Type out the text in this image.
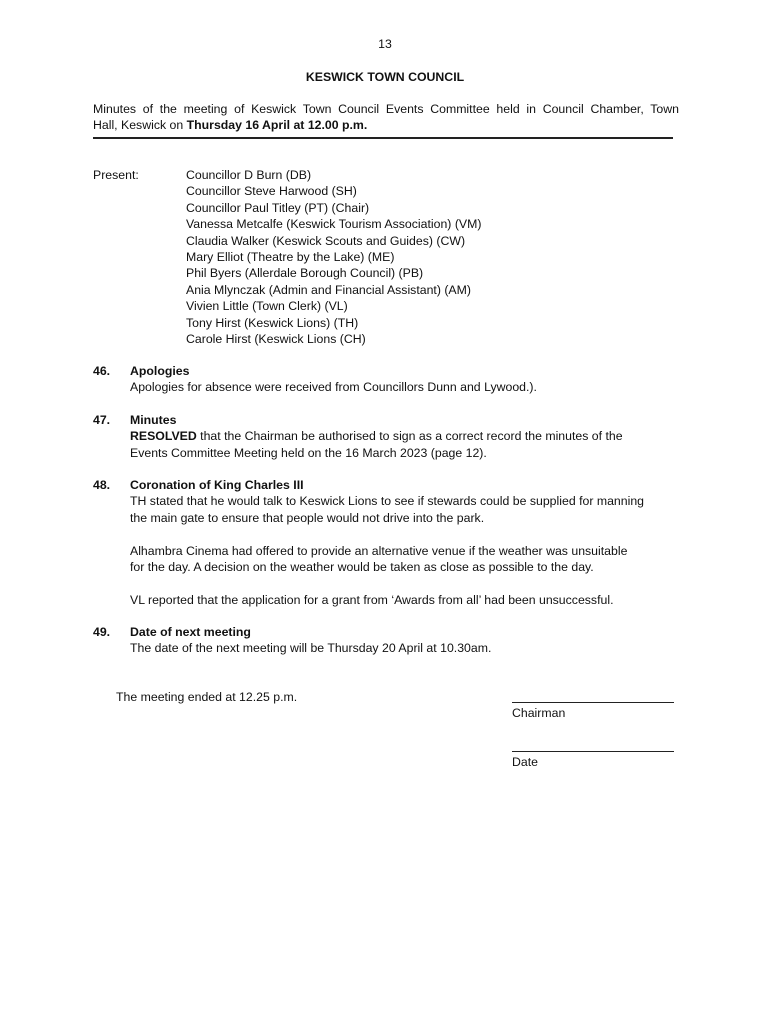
13
KESWICK TOWN COUNCIL
Minutes of the meeting of Keswick Town Council Events Committee held in Council Chamber, Town
Hall, Keswick on Thursday 16 April at 12.00 p.m.
Present:	Councillor D Burn (DB)
Councillor Steve Harwood (SH)
Councillor Paul Titley (PT) (Chair)
Vanessa Metcalfe (Keswick Tourism Association) (VM)
Claudia Walker (Keswick Scouts and Guides) (CW)
Mary Elliot (Theatre by the Lake) (ME)
Phil Byers (Allerdale Borough Council) (PB)
Ania Mlynczak (Admin and Financial Assistant) (AM)
Vivien Little (Town Clerk) (VL)
Tony Hirst (Keswick Lions) (TH)
Carole Hirst (Keswick Lions (CH)
46. Apologies
Apologies for absence were received from Councillors Dunn and Lywood.).
47. Minutes
RESOLVED that the Chairman be authorised to sign as a correct record the minutes of the
Events Committee Meeting held on the 16 March 2023 (page 12).
48. Coronation of King Charles III
TH stated that he would talk to Keswick Lions to see if stewards could be supplied for manning
the main gate to ensure that people would not drive into the park.
Alhambra Cinema had offered to provide an alternative venue if the weather was unsuitable
for the day. A decision on the weather would be taken as close as possible to the day.
VL reported that the application for a grant from ‘Awards from all’ had been unsuccessful.
49. Date of next meeting
The date of the next meeting will be Thursday 20 April at 10.30am.
The meeting ended at 12.25 p.m.
Chairman
Date
